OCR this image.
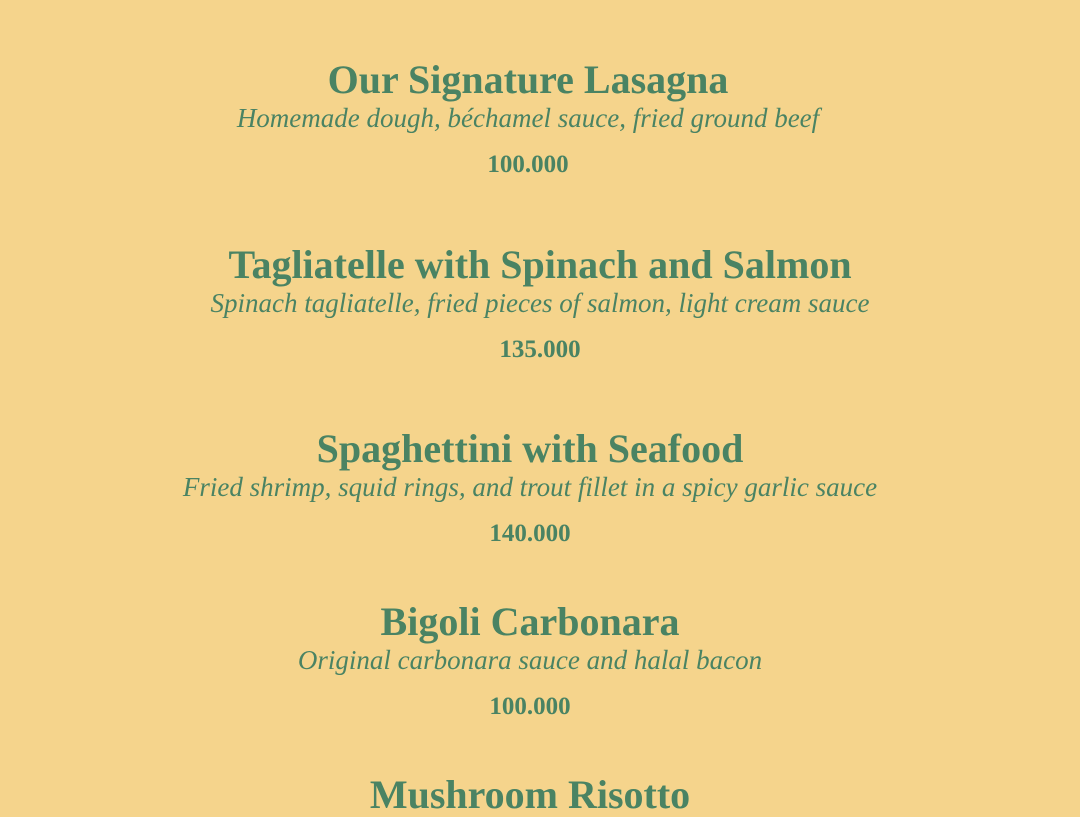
Our Signature Lasagna
Homemade dough, béchamel sauce, fried ground beef
100.000
Tagliatelle with Spinach and Salmon
Spinach tagliatelle, fried pieces of salmon, light cream sauce
135.000
Spaghettini with Seafood
Fried shrimp, squid rings, and trout fillet in a spicy garlic sauce
140.000
Bigoli Carbonara
Original carbonara sauce and halal bacon
100.000
Mushroom Risotto
